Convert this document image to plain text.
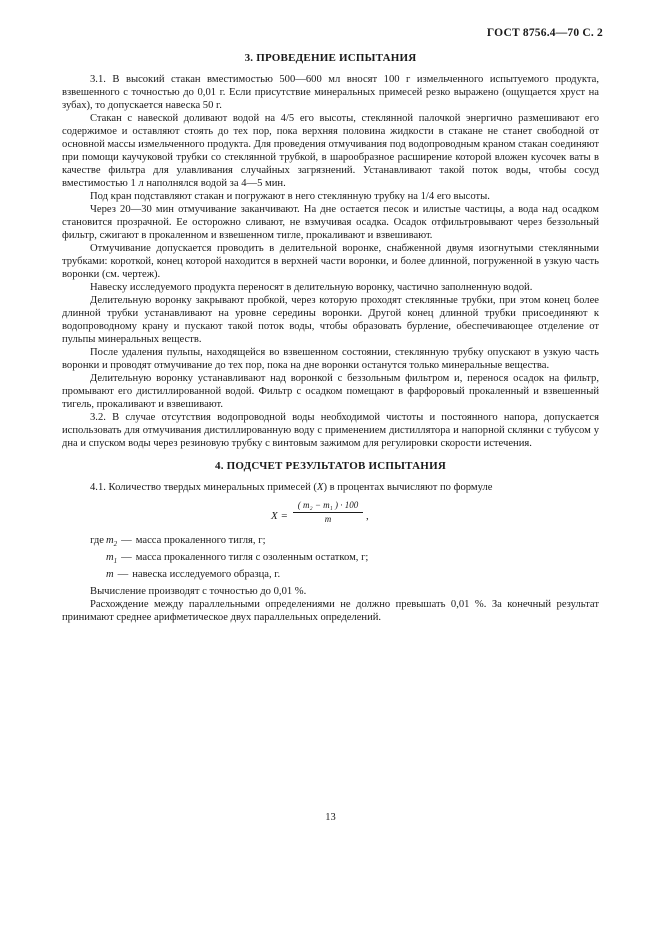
ГОСТ 8756.4—70 С. 2
3. ПРОВЕДЕНИЕ ИСПЫТАНИЯ

3.1. В высокий стакан вместимостью 500—600 мл вносят 100 г измельченного испытуемого продукта, взвешенного с точностью до 0,01 г. Если присутствие минеральных примесей резко выражено (ощущается хруст на зубах), то допускается навеска 50 г.

Стакан с навеской доливают водой на 4/5 его высоты, стеклянной палочкой энергично размешивают его содержимое и оставляют стоять до тех пор, пока верхняя половина жидкости в стакане не станет свободной от основной массы измельченного продукта. Для проведения отмучивания под водопроводным краном стакан соединяют при помощи каучуковой трубки со стеклянной трубкой, в шарообразное расширение которой вложен кусочек ваты в качестве фильтра для улавливания случайных загрязнений. Устанавливают такой поток воды, чтобы сосуд вместимостью 1 л наполнялся водой за 4—5 мин.

Под кран подставляют стакан и погружают в него стеклянную трубку на 1/4 его высоты.

Через 20—30 мин отмучивание заканчивают. На дне остается песок и илистые частицы, а вода над осадком становится прозрачной. Ее осторожно сливают, не взмучивая осадка. Осадок отфильтровывают через беззольный фильтр, сжигают в прокаленном и взвешенном тигле, прокаливают и взвешивают.

Отмучивание допускается проводить в делительной воронке, снабженной двумя изогнутыми стеклянными трубками: короткой, конец которой находится в верхней части воронки, и более длинной, погруженной в узкую часть воронки (см. чертеж).

Навеску исследуемого продукта переносят в делительную воронку, частично заполненную водой.

Делительную воронку закрывают пробкой, через которую проходят стеклянные трубки, при этом конец более длинной трубки устанавливают на уровне середины воронки. Другой конец длинной трубки присоединяют к водопроводному крану и пускают такой поток воды, чтобы образовать бурление, обеспечивающее отделение от пульпы минеральных веществ.

После удаления пульпы, находящейся во взвешенном состоянии, стеклянную трубку опускают в узкую часть воронки и проводят отмучивание до тех пор, пока на дне воронки останутся только минеральные вещества.

Делительную воронку устанавливают над воронкой с беззольным фильтром и, перенося осадок на фильтр, промывают его дистиллированной водой. Фильтр с осадком помещают в фарфоровый прокаленный и взвешенный тигель, прокаливают и взвешивают.

3.2. В случае отсутствия водопроводной воды необходимой чистоты и постоянного напора, допускается использовать для отмучивания дистиллированную воду с применением дистиллятора и напорной склянки с тубусом у дна и спуском воды через резиновую трубку с винтовым зажимом для регулировки скорости истечения.

4. ПОДСЧЕТ РЕЗУЛЬТАТОВ ИСПЫТАНИЯ

4.1. Количество твердых минеральных примесей (X) в процентах вычисляют по формуле

X =
( m₂ − m₁ ) · 100
m	,
где $m_2$ — масса прокаленного тигля, г;
$m_1$ — масса прокаленного тигля с озоленным остатком, г;
m — навеска исследуемого образца, г.

Вычисление производят с точностью до 0,01 %.

Расхождение между параллельными определениями не должно превышать 0,01 %. За конечный результат принимают среднее арифметическое двух параллельных определений.

13
